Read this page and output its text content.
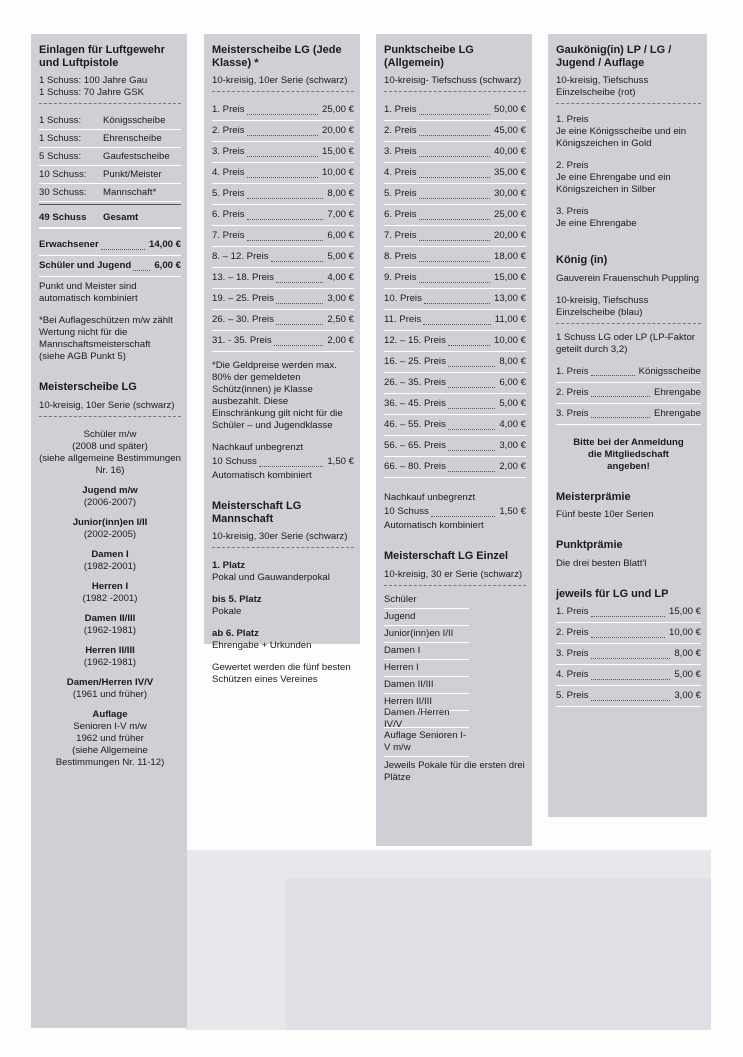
Einlagen für Luftgewehr und Luftpistole
1 Schuss: 100 Jahre Gau
1 Schuss: 70 Jahre GSK
1 Schuss:	Königsscheibe
1 Schuss:	Ehrenscheibe
5 Schuss:	Gaufestscheibe
10 Schuss:	Punkt/Meister
30 Schuss:	Mannschaft*
49 Schuss	Gesamt
Erwachsener	14,00 €
Schüler und Jugend 6,00 €
Punkt und Meister sind automatisch kombiniert
*Bei Auflageschützen m/w zählt Wertung nicht für die Mannschaftsmeisterschaft
(siehe AGB Punkt 5)
Meisterscheibe LG
10-kreisig, 10er Serie (schwarz)
Schüler m/w
(2008 und später)
(siehe allgemeine Bestimmungen Nr. 16)
Jugend m/w
(2006-2007)
Junior(inn)en I/II
(2002-2005)
Damen I
(1982-2001)
Herren I
(1982 -2001)
Damen II/III
(1962-1981)
Herren II/III
(1962-1981)
Damen/Herren IV/V
(1961 und früher)
Auflage
Senioren I-V m/w
1962 und früher
(siehe Allgemeine Bestimmungen Nr. 11-12)
Meisterscheibe LG (Jede Klasse) *
10-kreisig, 10er Serie (schwarz)
1. Preis	25,00 €
2. Preis	20,00 €
3. Preis	15,00 €
4. Preis	10,00 €
5. Preis	8,00 €
6. Preis	7,00 €
7. Preis	6,00 €
8. – 12. Preis	5,00 €
13. – 18. Preis	4,00 €
19. – 25. Preis	3,00 €
26. – 30. Preis	2,50 €
31. - 35. Preis	2,00 €
*Die Geldpreise werden max. 80% der gemeldeten Schütz(innen) je Klasse ausbezahlt. Diese Einschränkung gilt nicht für die Schüler – und Jugendklasse
Nachkauf unbegrenzt
10 Schuss	1,50 €
Automatisch kombiniert
Meisterschaft LG Mannschaft
10-kreisig, 30er Serie (schwarz)
1. Platz
Pokal und Gauwanderpokal
bis 5. Platz
Pokale
ab 6. Platz
Ehrengabe + Urkunden
Gewertet werden die fünf besten Schützen eines Vereines
Punktscheibe LG (Allgemein)
10-kreisig- Tiefschuss (schwarz)
1. Preis	50,00 €
2. Preis	45,00 €
3. Preis	40,00 €
4. Preis	35,00 €
5. Preis	30,00 €
6. Preis	25,00 €
7. Preis	20,00 €
8. Preis	18,00 €
9. Preis	15,00 €
10. Preis	13,00 €
11. Preis	11,00 €
12. – 15. Preis	10,00 €
16. – 25. Preis	8,00 €
26. – 35. Preis	6,00 €
36. – 45. Preis	5,00 €
46. – 55. Preis	4,00 €
56. – 65. Preis	3,00 €
66. – 80. Preis	2,00 €
Nachkauf unbegrenzt
10 Schuss	1,50 €
Automatisch kombiniert
Meisterschaft LG Einzel
10-kreisig, 30 er Serie (schwarz)
Schüler
Jugend
Junior(inn)en I/II
Damen I
Herren I
Damen II/III
Herren II/III
Damen /Herren IV/V
Auflage Senioren I-V m/w
Jeweils Pokale für die ersten drei Plätze
Gaukönig(in) LP / LG / Jugend / Auflage
10-kreisig, Tiefschuss Einzelscheibe (rot)
1. Preis
Je eine Königsscheibe und ein Königszeichen in Gold
2. Preis
Je eine Ehrengabe und ein Königszeichen in Silber
3. Preis
Je eine Ehrengabe
König (in)
Gauverein Frauenschuh Puppling
10-kreisig, Tiefschuss Einzelscheibe (blau)
1 Schuss LG oder LP (LP-Faktor geteilt durch 3,2)
1. Preis	Königsscheibe
2. Preis	Ehrengabe
3. Preis	Ehrengabe
Bitte bei der Anmeldung die Mitgliedschaft angeben!
Meisterprämie
Fünf beste 10er Serien
Punktprämie
Die drei besten Blatt'l
jeweils für LG und LP
1. Preis	15,00 €
2. Preis	10,00 €
3. Preis	8,00 €
4. Preis	5,00 €
5. Preis	3,00 €
